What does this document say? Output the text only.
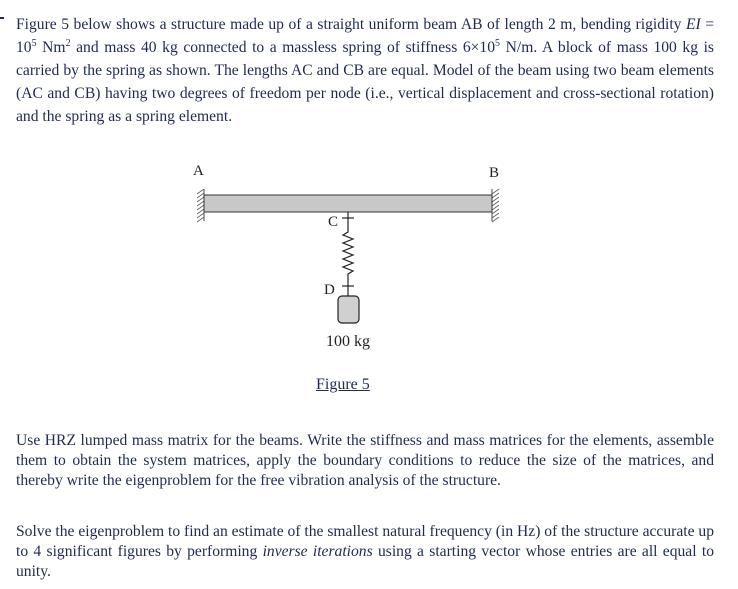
Figure 5 below shows a structure made up of a straight uniform beam AB of length 2 m, bending rigidity EI = $10^5$ Nm$^2$ and mass 40 kg connected to a massless spring of stiffness $6\times 10^5$ N/m. A block of mass 100 kg is carried by the spring as shown. The lengths AC and CB are equal. Model of the beam using two beam elements (AC and CB) having two degrees of freedom per node (i.e., vertical displacement and cross-sectional rotation) and the spring as a spring element.

A	B
C
D
100 kg
Figure 5

Use HRZ lumped mass matrix for the beams. Write the stiffness and mass matrices for the elements, assemble them to obtain the system matrices, apply the boundary conditions to reduce the size of the matrices, and thereby write the eigenproblem for the free vibration analysis of the structure.

Solve the eigenproblem to find an estimate of the smallest natural frequency (in Hz) of the structure accurate up to 4 significant figures by performing inverse iterations using a starting vector whose entries are all equal to unity.
